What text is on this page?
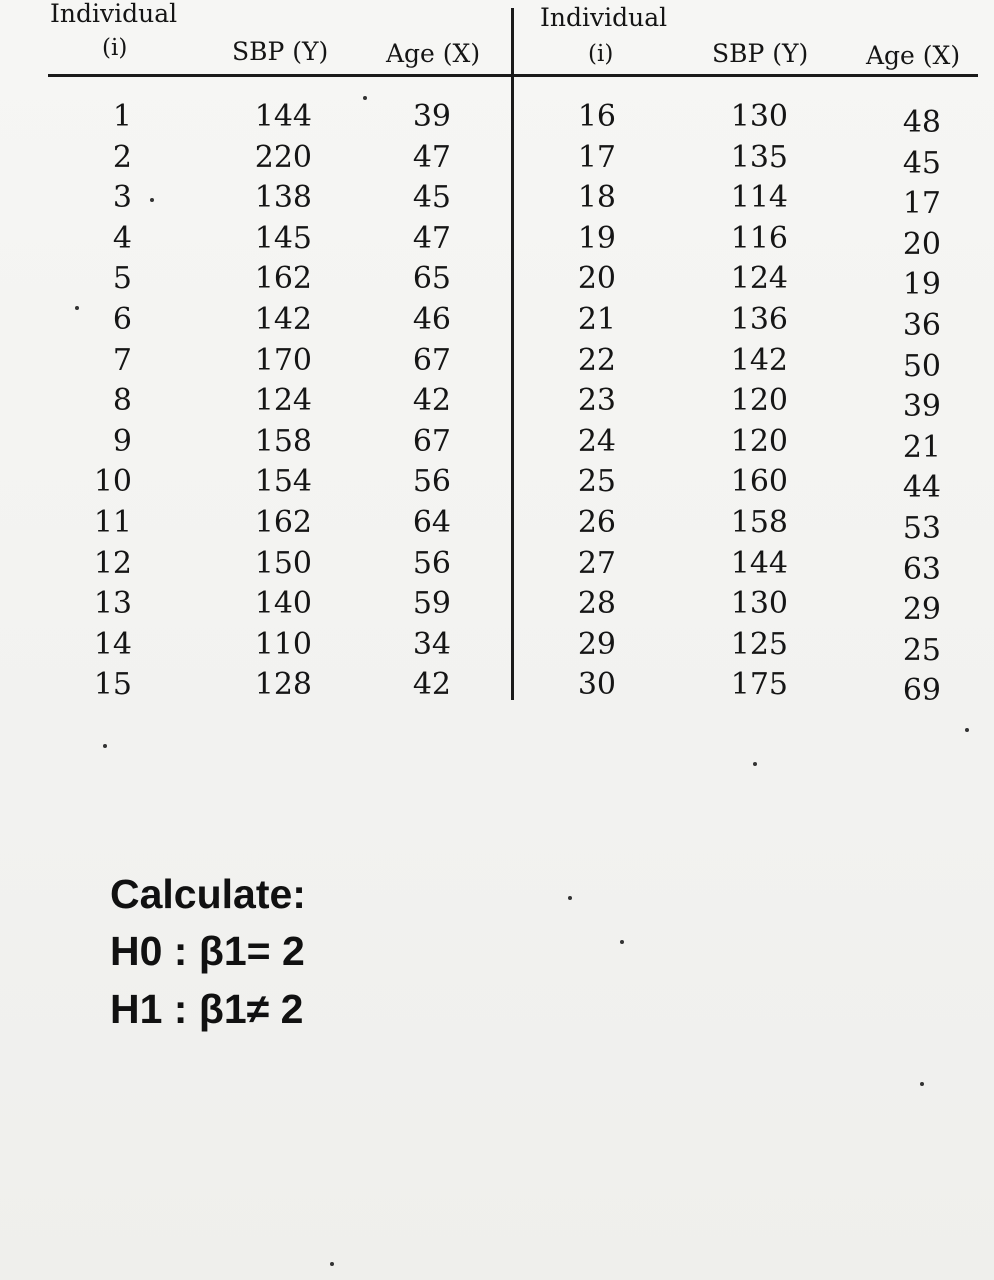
Individual
(i)	SBP (Y) Age (X)
Individual
(i)	SBP (Y) Age (X)
1
2
3
4
5
6
7
8
9
10
11
12
13
14
15
144
220
138
145
162
142
170
124
158
154
162
150
140
110
128
39
47
45
47
65
46
67
42
67
56
64
56
59
34
42
16
17
18
19
20
21
22
23
24
25
26
27
28
29
30
130
135
114
116
124
136
142
120
120
160
158
144
130
125
175
48
45
17
20
19
36
50
39
21
44
53
63
29
25
69
Calculate:
H0 : β1= 2
H1 : β1≠ 2
